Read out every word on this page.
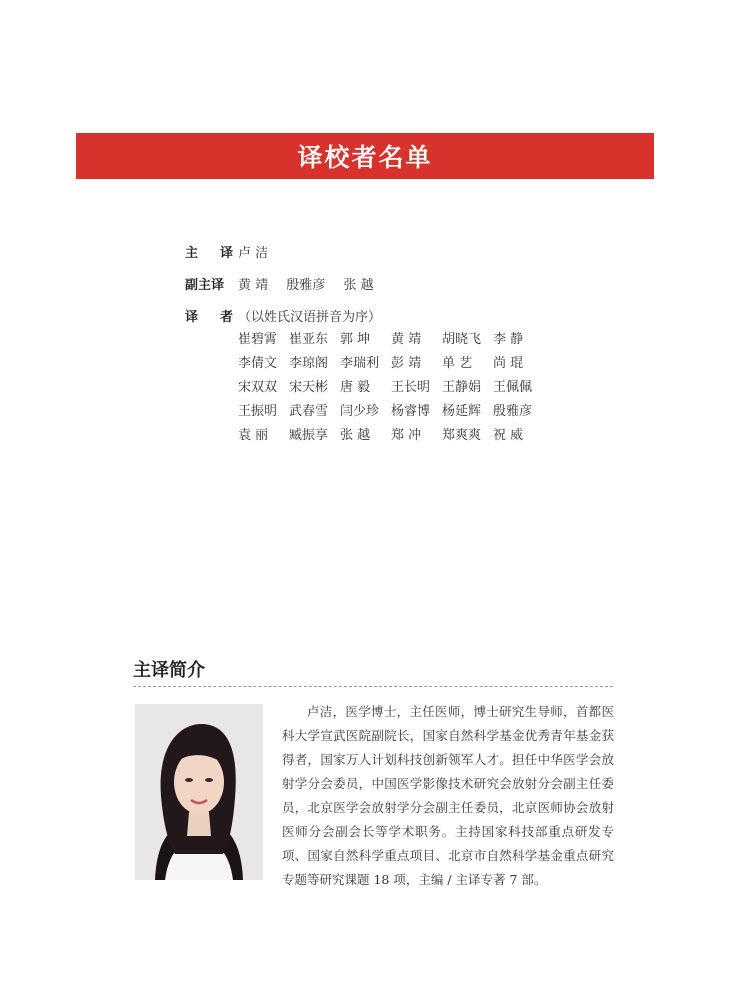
译校者名单
主 译 卢 洁
副主译 黄 靖 殷雅彦 张 越
译 者 （以姓氏汉语拼音为序）
崔碧霄 崔亚东 郭 坤	黄 靖	胡晓飞 李 静
李倩文 李琼阁 李瑞利 彭 靖	单 艺	尚 琨
宋双双 宋天彬 唐 毅	王长明 王静娟 王佩佩
王振明 武春雪 闫少珍 杨睿博 杨延辉 殷雅彦
袁 丽	臧振享 张 越	郑 冲	郑爽爽 祝 威
主译简介
卢洁，医学博士，主任医师，博士研究生导师，首都医科大学宣武医院副院长，国家自然科学基金优秀青年基金获得者，国家万人计划科技创新领军人才。担任中华医学会放射学分会委员，中国医学影像技术研究会放射分会副主任委员，北京医学会放射学分会副主任委员，北京医师协会放射医师分会副会长等学术职务。主持国家科技部重点研发专项、国家自然科学重点项目、北京市自然科学基金重点研究专题等研究课题 18 项，主编 / 主译专著 7 部。
